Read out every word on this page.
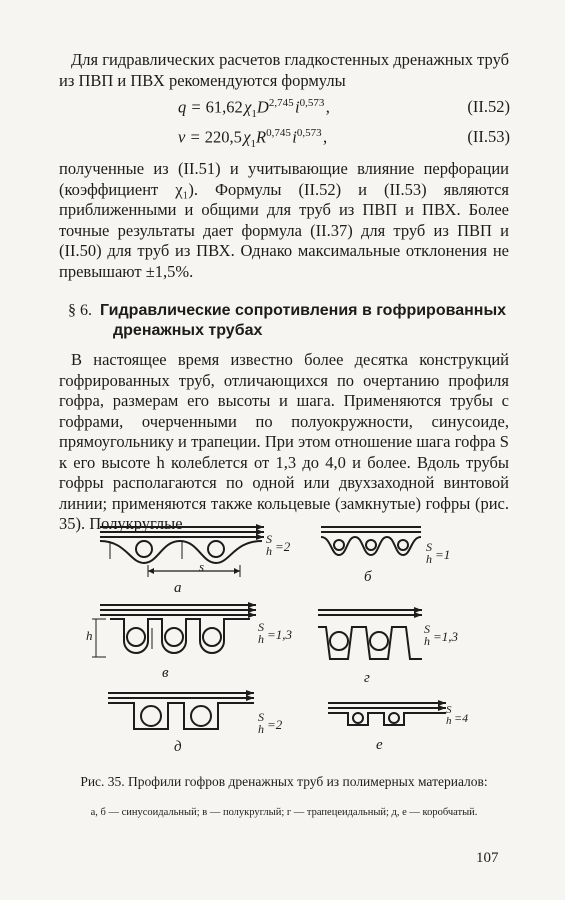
Для гидравлических расчетов гладкостенных дренажных труб из ПВП и ПВХ рекомендуются формулы
q = 61,62 $\chi_1D^{2,745}$ $i^{0,573}$ ,	(II.52)
v = 220,5 $\chi_1R^{0,745}$ $i^{0,573}$ ,	(II.53)
полученные из (II.51) и учитывающие влияние перфорации (коэффициент χ₁). Формулы (II.52) и (II.53) являются приближенными и общими для труб из ПВП и ПВХ. Более точные результаты дает формула (II.37) для труб из ПВП и (II.50) для труб из ПВХ. Однако максимальные отклонения не превышают ±1,5%.
§ 6. Гидравлические сопротивления в гофрированных
дренажных трубах
В настоящее время известно более десятка конструкций гофрированных труб, отличающихся по очертанию профиля гофра, размерам его высоты и шага. Применяются трубы с гофрами, очерченными по полуокружности, синусоиде, прямоугольнику и трапеции. При этом отношение шага гофра S к его высоте h колеблется от 1,3 до 4,0 и более. Вдоль трубы гофры располагаются по одной или двухзаходной винтовой линии; применяются также кольцевые (замкнутые) гофры (рис. 35). Полукруглые
а
s
S
h =2
б
S
h =1
h
в
S
h =1,3
г
S
h =1,3
д
S
h =2
е
S
h =4
Рис. 35. Профили гофров дренажных труб из полимерных материалов:
а, б — синусоидальный; в — полукруглый; г — трапецеидальный; д, е — коробчатый.
107
